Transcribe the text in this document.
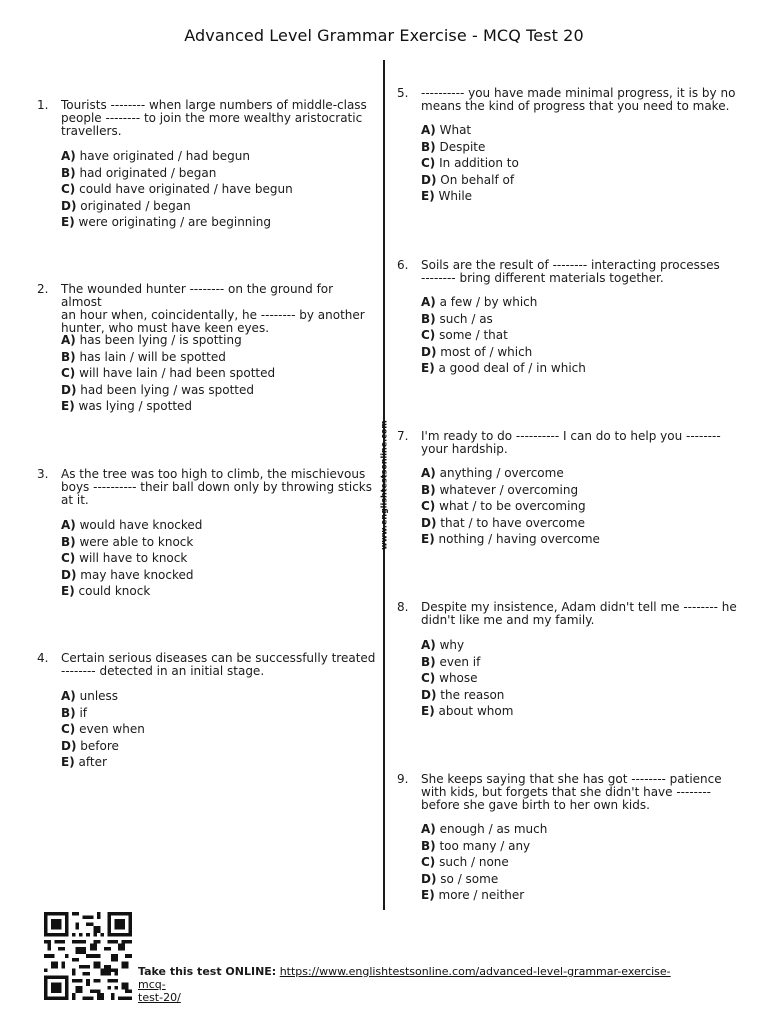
Advanced Level Grammar Exercise - MCQ Test 20
www.englishtestsonline.com
1. Tourists -------- when large numbers of middle-class
people -------- to join the more wealthy aristocratic
travellers.
A) have originated / had begun
B) had originated / began
C) could have originated / have begun
D) originated / began
E) were originating / are beginning
2. The wounded hunter -------- on the ground for almost
an hour when, coincidentally, he -------- by another
hunter, who must have keen eyes.
A) has been lying / is spotting
B) has lain / will be spotted
C) will have lain / had been spotted
D) had been lying / was spotted
E) was lying / spotted
3. As the tree was too high to climb, the mischievous
boys ---------- their ball down only by throwing sticks
at it.
A) would have knocked
B) were able to knock
C) will have to knock
D) may have knocked
E) could knock
4. Certain serious diseases can be successfully treated
-------- detected in an initial stage.
A) unless
B) if
C) even when
D) before
E) after
5. ---------- you have made minimal progress, it is by no
means the kind of progress that you need to make.
A) What
B) Despite
C) In addition to
D) On behalf of
E) While
6. Soils are the result of -------- interacting processes
-------- bring different materials together.
A) a few / by which
B) such / as
C) some / that
D) most of / which
E) a good deal of / in which
7. I'm ready to do ---------- I can do to help you --------
your hardship.
A) anything / overcome
B) whatever / overcoming
C) what / to be overcoming
D) that / to have overcome
E) nothing / having overcome
8. Despite my insistence, Adam didn't tell me -------- he
didn't like me and my family.
A) why
B) even if
C) whose
D) the reason
E) about whom
9. She keeps saying that she has got -------- patience
with kids, but forgets that she didn't have --------
before she gave birth to her own kids.
A) enough / as much
B) too many / any
C) such / none
D) so / some
E) more / neither
Take this test ONLINE: https://www.englishtestsonline.com/advanced-level-grammar-exercise-mcq-
test-20/
